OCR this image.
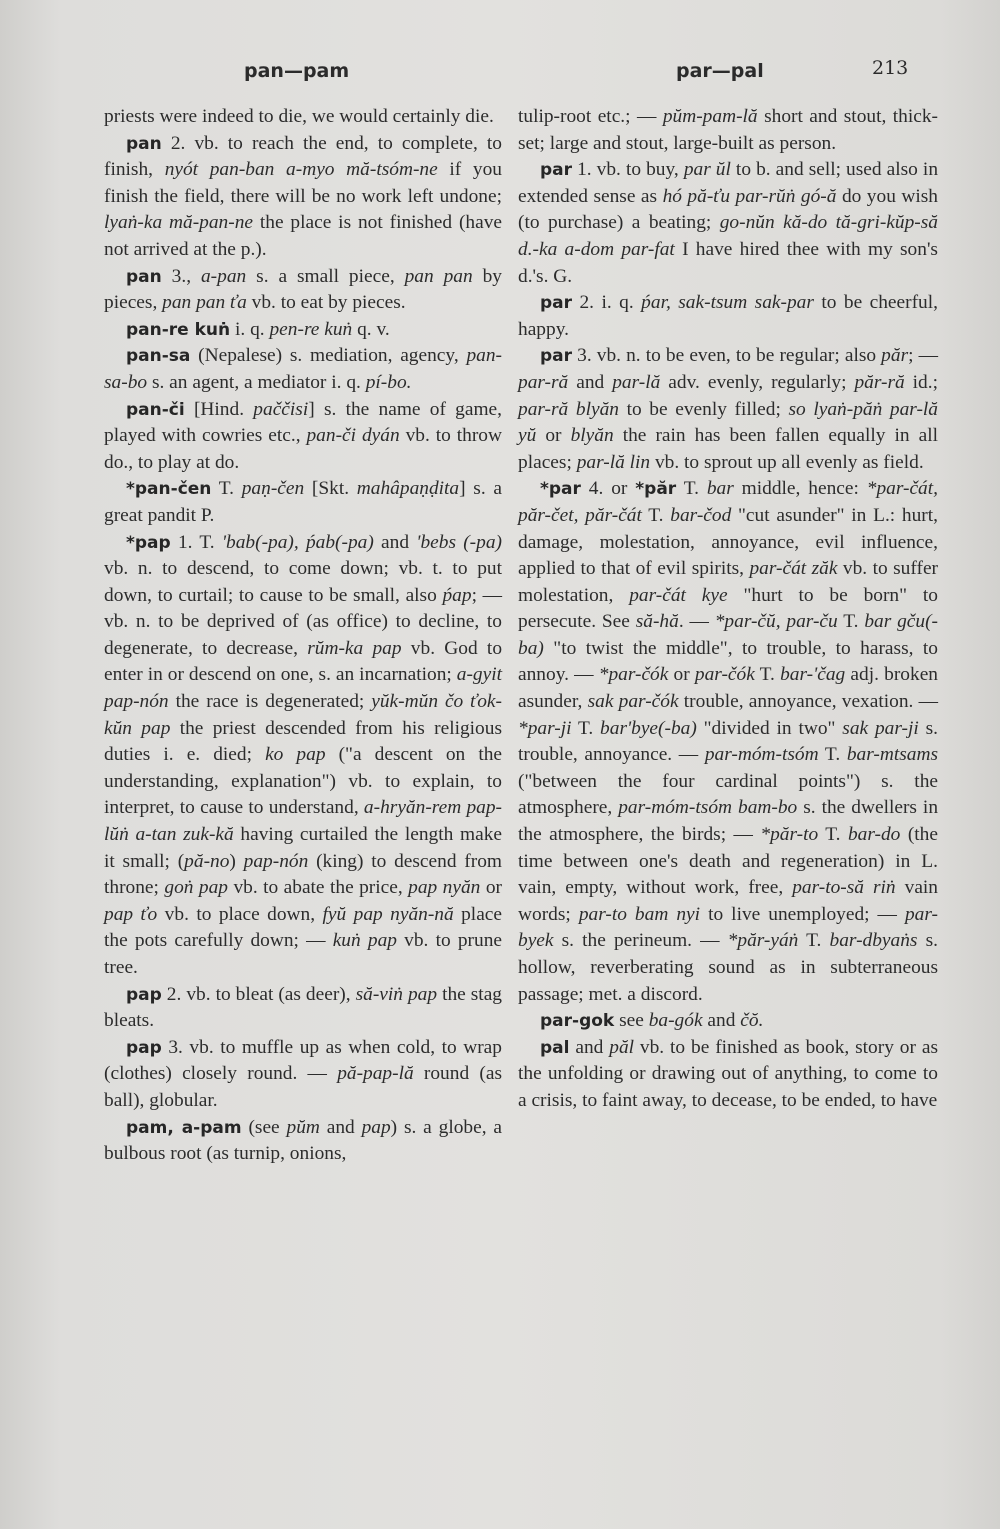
pan—pam	par—pal	213

priests were indeed to die, we would certainly die.

pan 2. vb. to reach the end, to complete, to finish, nyót pan-ban a-myo mă-tsóm-ne if you finish the field, there will be no work left undone; lyaṅ-ka mă-pan-ne the place is not finished (have not arrived at the p.).

pan 3., a-pan s. a small piece, pan pan by pieces, pan pan ťa vb. to eat by pieces.

pan-re kuṅ i. q. pen-re kuṅ q. v.

pan-sa (Nepalese) s. mediation, agency, pan-sa-bo s. an agent, a mediator i. q. pí-bo.

pan-či [Hind. paččisi] s. the name of game, played with cowries etc., pan-či dyán vb. to throw do., to play at do.

*pan-čen T. paṇ-čen [Skt. mahâpaṇḍita] s. a great pandit P.

*pap 1. T. 'bab(-pa), ṕab(-pa) and 'bebs (-pa) vb. n. to descend, to come down; vb. t. to put down, to curtail; to cause to be small, also ṕap; — vb. n. to be deprived of (as office) to decline, to degenerate, to decrease, rŭm-ka pap vb. God to enter in or descend on one, s. an incarnation; a-gyit pap-nón the race is degenerated; yŭk-mŭn čo ťok-kŭn pap the priest descended from his religious duties i. e. died; ko pap ("a descent on the understanding, explanation") vb. to explain, to interpret, to cause to understand, a-hryăn-rem pap-lŭṅ a-tan zuk-kă having curtailed the length make it small; (pă-no) pap-nón (king) to descend from throne; goṅ pap vb. to abate the price, pap nyăn or pap ťo vb. to place down, fyŭ pap nyăn-nă place the pots carefully down; — kuṅ pap vb. to prune tree.

pap 2. vb. to bleat (as deer), să-viṅ pap the stag bleats.

pap 3. vb. to muffle up as when cold, to wrap (clothes) closely round. — pă-pap-lă round (as ball), globular.

pam, a-pam (see pŭm and pap) s. a globe, a bulbous root (as turnip, onions,

tulip-root etc.; — pŭm-pam-lă short and stout, thick-set; large and stout, large-built as person.

par 1. vb. to buy, par ŭl to b. and sell; used also in extended sense as hó pă-ťu par-rŭṅ gó-ă do you wish (to purchase) a beating; go-nŭn kă-do tă-gri-kŭp-să d.-ka a-dom par-fat I have hired thee with my son's d.'s. G.

par 2. i. q. ṕar, sak-tsum sak-par to be cheerful, happy.

par 3. vb. n. to be even, to be regular; also păr; — par-ră and par-lă adv. evenly, regularly; păr-ră id.; par-ră blyăn to be evenly filled; so lyaṅ-păṅ par-lă yŭ or blyăn the rain has been fallen equally in all places; par-lă lin vb. to sprout up all evenly as field.

*par 4. or *păr T. bar middle, hence: *par-čát, păr-čet, păr-čát T. bar-čod "cut asunder" in L.: hurt, damage, molestation, annoyance, evil influence, applied to that of evil spirits, par-čát zăk vb. to suffer molestation, par-čát kye "hurt to be born" to persecute. See să-hă. — *par-čŭ, par-ču T. bar gču(-ba) "to twist the middle", to trouble, to harass, to annoy. — *par-čók or par-čók T. bar-'čag adj. broken asunder, sak par-čók trouble, annoyance, vexation. — *par-ji T. bar'bye(-ba) "divided in two" sak par-ji s. trouble, annoyance. — par-móm-tsóm T. bar-mtsams ("between the four cardinal points") s. the atmosphere, par-móm-tsóm bam-bo s. the dwellers in the atmosphere, the birds; — *păr-to T. bar-do (the time between one's death and regeneration) in L. vain, empty, without work, free, par-to-să riṅ vain words; par-to bam nyi to live unemployed; — par-byek s. the perineum. — *păr-yáṅ T. bar-dbyaṅs s. hollow, reverberating sound as in subterraneous passage; met. a discord.

par-gok see ba-gók and čŏ.

pal and păl vb. to be finished as book, story or as the unfolding or drawing out of anything, to come to a crisis, to faint away, to decease, to be ended, to have
